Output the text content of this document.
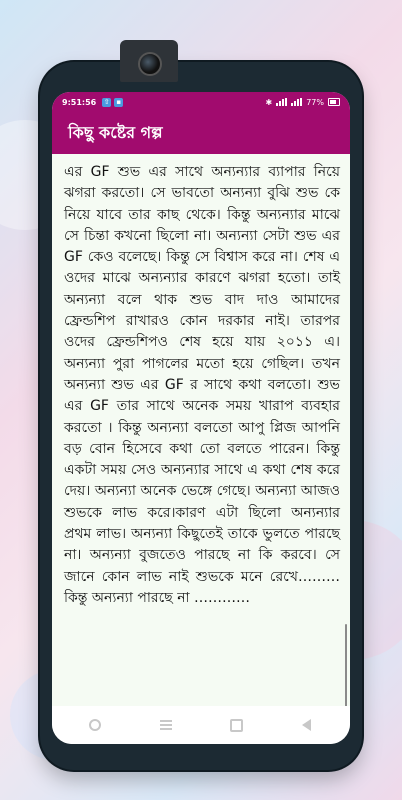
9:51:56 ⇧ ▪	✱	77%
কিছু কষ্টের গল্প

এর GF শুভ এর সাথে অন্যন্যার ব্যাপার নিয়ে ঝগরা করতো। সে ভাবতো অন্যন্যা বুঝি শুভ কে নিয়ে যাবে তার কাছ থেকে। কিন্তু অন্যন্যার মাঝে সে চিন্তা কখনো ছিলো না। অন্যন্যা সেটা শুভ এর GF কেও বলেছে। কিন্তু সে বিশ্বাস করে না। শেষ এ ওদের মাঝে অন্যন্যার কারণে ঝগরা হতো। তাই অন্যন্যা বলে থাক শুভ বাদ দাও আমাদের ফ্রেন্ডশিপ রাখারও কোন দরকার নাই। তারপর ওদের ফ্রেন্ডশিপও শেষ হয়ে যায় ২০১১ এ। অন্যন্যা পুরা পাগলের মতো হয়ে গেছিল। তখন অন্যন্যা শুভ এর GF র সাথে কথা বলতো। শুভ এর GF তার সাথে অনেক সময় খারাপ ব্যবহার করতো । কিন্তু অন্যন্যা বলতো আপু প্লিজ আপনি বড় বোন হিসেবে কথা তো বলতে পারেন। কিন্তু একটা সময় সেও অন্যন্যার সাথে এ কথা শেষ করে দেয়। অন্যন্যা অনেক ভেঙ্গে গেছে। অন্যন্যা আজও শুভকে লাভ করে।কারণ এটা ছিলো অন্যন্যার প্রথম লাভ। অন্যন্যা কিছুতেই তাকে ভুলতে পারছে না। অন্যন্যা বুজতেও পারছে না কি করবে। সে জানে কোন লাভ নাই শুভকে মনে রেখে……… কিন্তু অন্যন্যা পারছে না …………
